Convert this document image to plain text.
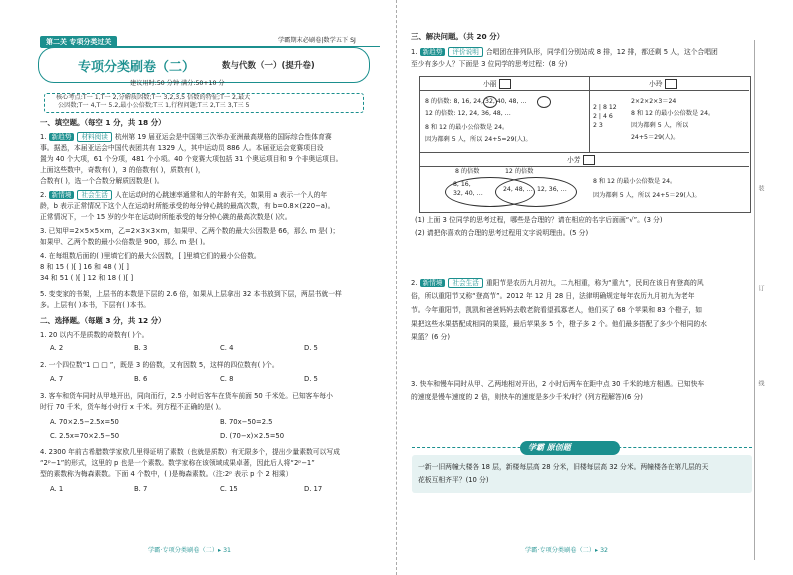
第二关 专项分类过关	学霸期末必刷卷|数学五下 SJ
专项分类刷卷（二）	数与代数（一）(提升卷)
建议用时:50 分钟 满分:50+10 分
核心考点:T一 1,T一 2,分解质因数;T一 3,2,3,5 倍数的特征;T一 2,最大
公因数;T一 4,T一 5.2,最小公倍数;T三 1,行程问题;T三 2,T三 3,T三 5
一、填空题。（每空 1 分，共 18 分）
1. 新趋势 材料阅读 杭州第 19 届亚运会是中国第三次举办亚洲最高规格的国际综合性体育赛
事。据悉，本届亚运会中国代表团共有 1329 人，其中运动员 886 人。本届亚运会竞赛项目设
置为 40 个大项，61 个分项，481 个小项。40 个竞赛大项包括 31 个奥运项目和 9 个非奥运项目。
上面这些数中，奇数有( )，3 的倍数有( )，质数有( )，
合数有( )，选一个合数分解质因数是( )。
2. 新情境 社会生活 人在运动时的心跳速率通常和人的年龄有关，如果用 a 表示一个人的年
龄，b 表示正常情况下这个人在运动时所能承受的每分钟心跳的最高次数，有 b=0.8×(220−a)。
正常情况下，一个 15 岁的少年在运动时所能承受的每分钟心跳的最高次数是( )次。
3. 已知甲=2×5×5×m，乙=2×3×3×m，如果甲、乙两个数的最大公因数是 66，那么 m 是( )；
如果甲、乙两个数的最小公倍数是 900，那么 m 是( )。
4. 在每组数后面的( )里填它们的最大公因数，[ ]里填它们的最小公倍数。
8 和 15 ( )[ ] 16 和 48 ( )[ ]
34 和 51 ( )[ ] 12 和 18 ( )[ ]
5. 变变家的书架，上层书的本数是下层的 2.6 倍，如果从上层拿出 32 本书放到下层，两层书就一样
多。上层有( )本书，下层有( )本书。
二、选择题。（每题 3 分，共 12 分）
1. 20 以内不是质数的奇数有( )个。
A. 2	B. 3	C. 4	D. 5
2. 一个四位数“1 □ □ ”，既是 3 的倍数，又有因数 5，这样的四位数有( )个。
A. 7	B. 6	C. 8	D. 5
3. 客车和货车同时从甲地开出，同向而行，2.5 小时后客车在货车前面 50 千米处。已知客车每小
时行 70 千米，货车每小时行 x 千米。列方程不正确的是( )。
A. 70×2.5−2.5x=50	B. 70x−50=2.5
C. 2.5x=70×2.5−50	D. (70−x)×2.5=50
4. 2300 年前古希腊数学家欧几里得证明了素数（也就是质数）有无限多个，提出少量素数可以写成
“2ᵖ−1”的形式，这里的 p 也是一个素数。数学家称在该领域成果卓著，因此后人将“2ᵖ−1”
型的素数称为梅森素数。下面 4 个数中，( )是梅森素数。（注:2ᵖ 表示 p 个 2 相乘）
A. 1	B. 7	C. 15	D. 17
学霸·专项分类刷卷（二）▸ 31
三、解决问题。（共 20 分）
1. 新趋势 评价说明 合唱团在排列队形，同学们分别站成 8 排，12 排，都还剩 5 人，这个合唱团
至少有多少人？下面是 3 位同学的思考过程：(8 分)
小丽	小玲
小芳
8 的倍数: 8, 16, 24, 32, 40, 48, …
12 的倍数: 12, 24, 36, 48, …
8 和 12 的最小公倍数是 24。
因为都剩 5 人，所以 24+5=29(人)。
2 | 8 12
2 | 4 6
2 3
2×2×2×3＝24
8 和 12 的最小公倍数是 24。
因为都剩 5 人，所以
24+5＝29(人)。
8 的倍数	12 的倍数
8, 16,
32, 40, …	24, 48, … 12, 36, …
8 和 12 的最小公倍数是 24。
因为都剩 5 人，所以 24+5＝29(人)。
(1) 上面 3 位同学的思考过程，哪些是合理的？请在相应的名字后面画“√”。(3 分)
(2) 请把你喜欢的合理的思考过程用文字说明理由。(5 分)
2. 新情境 社会生活 重阳节是农历九月初九，二九相重，称为“重九”，民间在该日有登高的风
俗，所以重阳节又称“登高节”。2012 年 12 月 28 日，法律明确规定每年农历九月初九为老年
节。今年重阳节，凯凯和爸爸妈妈去敬老院看望孤寡老人，他们买了 68 个苹果和 83 个橙子，如
果把这些水果搭配成相同的果篮，最后苹果多 5 个，橙子多 2 个。他们最多搭配了多少个相同的水
果篮？(6 分)
3. 快车和慢车同时从甲、乙两地相对开出，2 小时后两车在距中点 30 千米的地方相遇。已知快车
的速度是慢车速度的 2 倍，则快车的速度是多少千米/时？(列方程解答)(6 分)
学霸·专项分类刷卷（二）▸ 32
装
订
线
学霸 原创题
一新一旧两幢大楼各 18 层，新楼每层高 28 分米，旧楼每层高 32 分米。两幢楼各在第几层的天
花板互相齐平？(10 分)
